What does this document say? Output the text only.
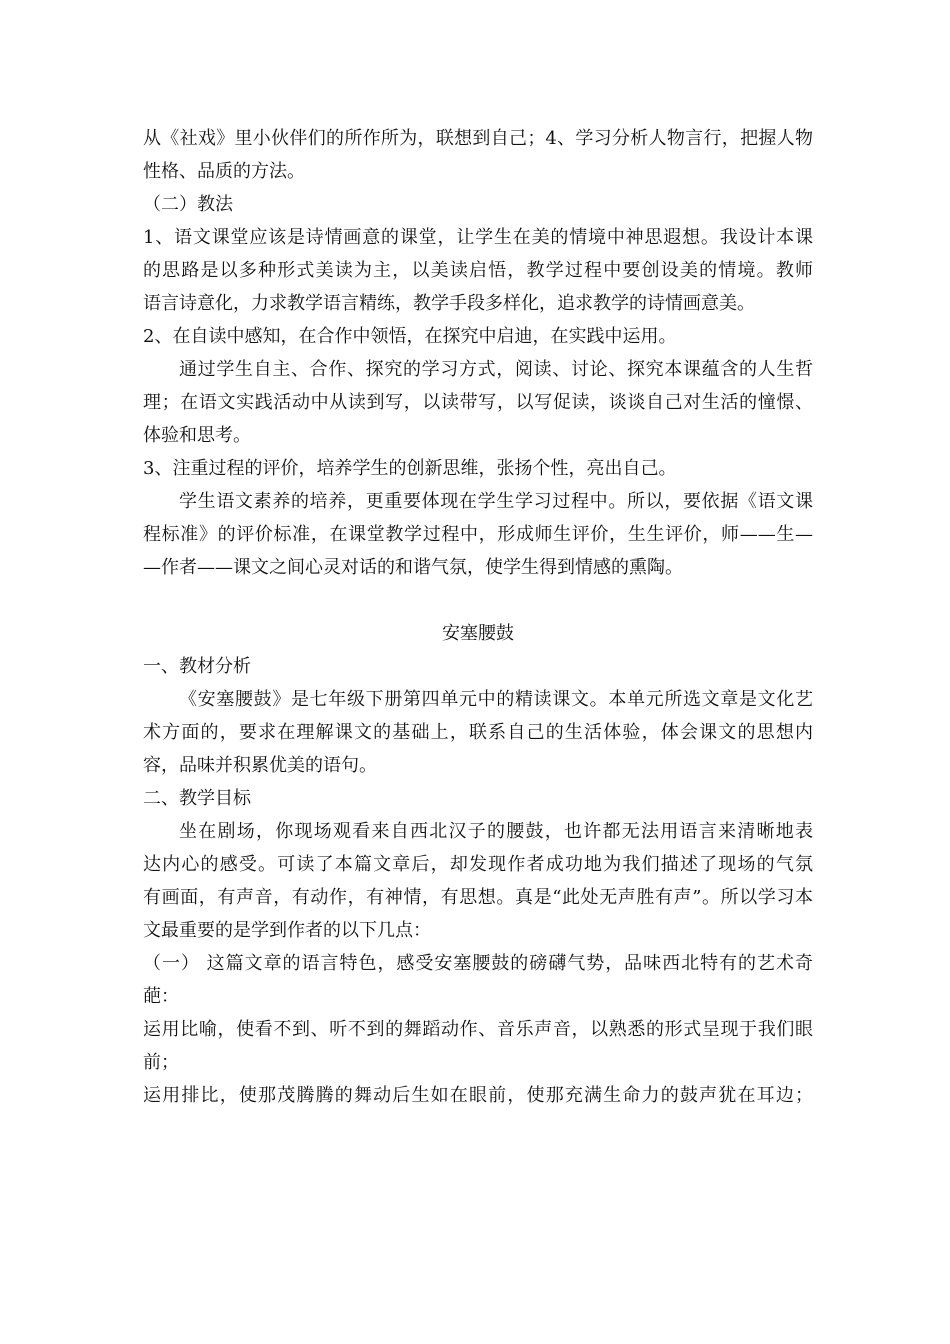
从《社戏》里小伙伴们的所作所为，联想到自己；4、学习分析人物言行，把握人物
性格、品质的方法。
（二）教法
1、语文课堂应该是诗情画意的课堂，让学生在美的情境中神思遐想。我设计本课
的思路是以多种形式美读为主，以美读启悟，教学过程中要创设美的情境。教师
语言诗意化，力求教学语言精练，教学手段多样化，追求教学的诗情画意美。
2、在自读中感知，在合作中领悟，在探究中启迪，在实践中运用。
通过学生自主、合作、探究的学习方式，阅读、讨论、探究本课蕴含的人生哲
理；在语文实践活动中从读到写，以读带写，以写促读，谈谈自己对生活的憧憬、
体验和思考。
3、注重过程的评价，培养学生的创新思维，张扬个性，亮出自己。
学生语文素养的培养，更重要体现在学生学习过程中。所以，要依据《语文课
程标准》的评价标准，在课堂教学过程中，形成师生评价，生生评价，师——生—
—作者——课文之间心灵对话的和谐气氛，使学生得到情感的熏陶。
安塞腰鼓
一、教材分析
《安塞腰鼓》是七年级下册第四单元中的精读课文。本单元所选文章是文化艺
术方面的，要求在理解课文的基础上，联系自己的生活体验，体会课文的思想内
容，品味并积累优美的语句。
二、教学目标
坐在剧场，你现场观看来自西北汉子的腰鼓，也许都无法用语言来清晰地表
达内心的感受。可读了本篇文章后，却发现作者成功地为我们描述了现场的气氛
有画面，有声音，有动作，有神情，有思想。真是“此处无声胜有声”。所以学习本
文最重要的是学到作者的以下几点：
（一） 这篇文章的语言特色，感受安塞腰鼓的磅礴气势，品味西北特有的艺术奇
葩：
运用比喻，使看不到、听不到的舞蹈动作、音乐声音，以熟悉的形式呈现于我们眼
前；
运用排比，使那茂腾腾的舞动后生如在眼前，使那充满生命力的鼓声犹在耳边；
